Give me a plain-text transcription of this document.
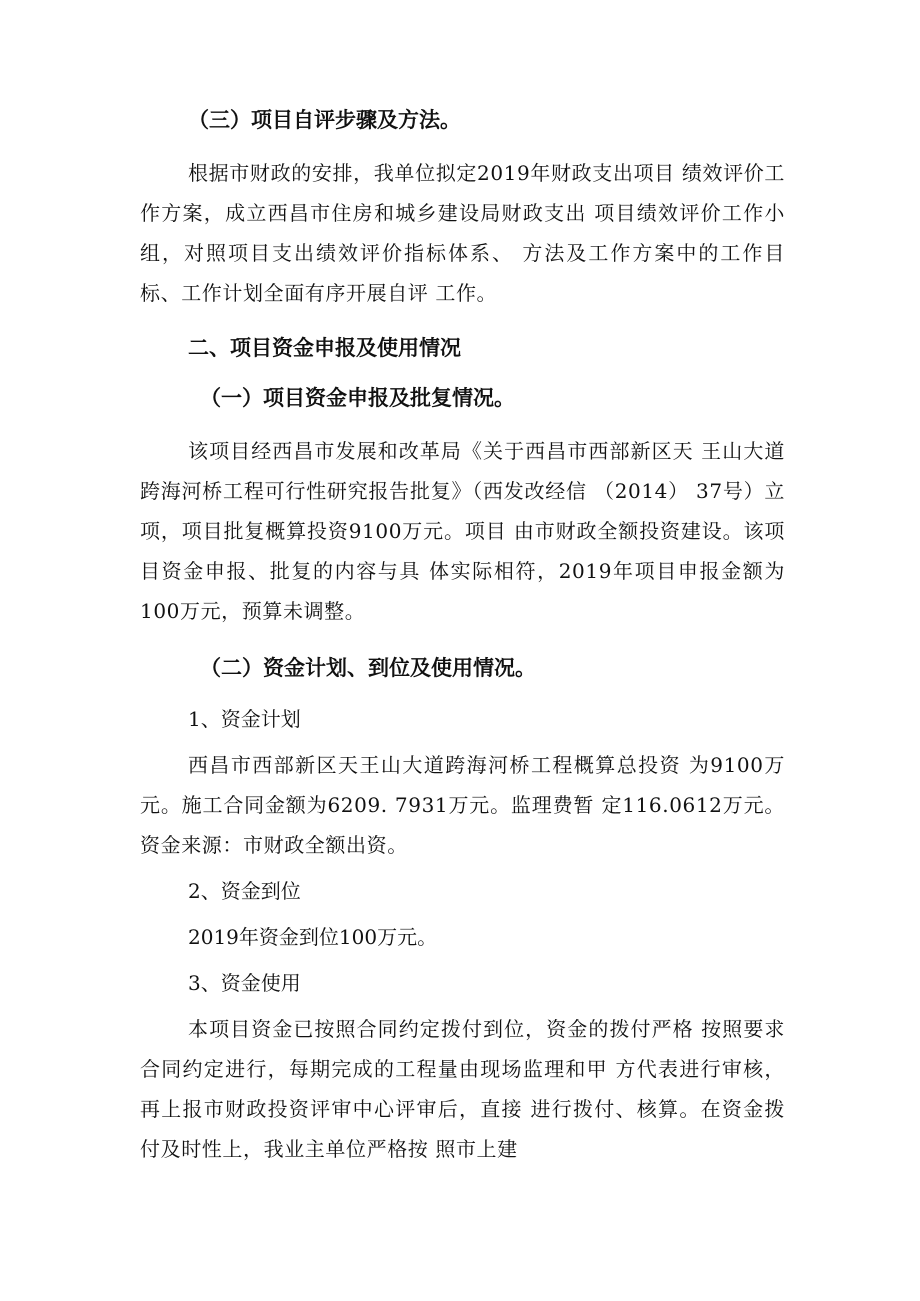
（三）项目自评步骤及方法。

根据市财政的安排，我单位拟定2019年财政支出项目 绩效评价工作方案，成立西昌市住房和城乡建设局财政支出 项目绩效评价工作小组，对照项目支出绩效评价指标体系、 方法及工作方案中的工作目标、工作计划全面有序开展自评 工作。

二、项目资金申报及使用情况

（一）项目资金申报及批复情况。

该项目经西昌市发展和改革局《关于西昌市西部新区天 王山大道跨海河桥工程可行性研究报告批复》（西发改经信 （2014） 37号）立项，项目批复概算投资9100万元。项目 由市财政全额投资建设。该项目资金申报、批复的内容与具 体实际相符，2019年项目申报金额为100万元，预算未调整。

（二）资金计划、到位及使用情况。

1、资金计划

西昌市西部新区天王山大道跨海河桥工程概算总投资 为9100万元。施工合同金额为6209. 7931万元。监理费暂 定116.0612万元。资金来源：市财政全额出资。

2、资金到位

2019年资金到位100万元。

3、资金使用

本项目资金已按照合同约定拨付到位，资金的拨付严格 按照要求合同约定进行，每期完成的工程量由现场监理和甲 方代表进行审核，再上报市财政投资评审中心评审后，直接 进行拨付、核算。在资金拨付及时性上，我业主单位严格按 照市上建
